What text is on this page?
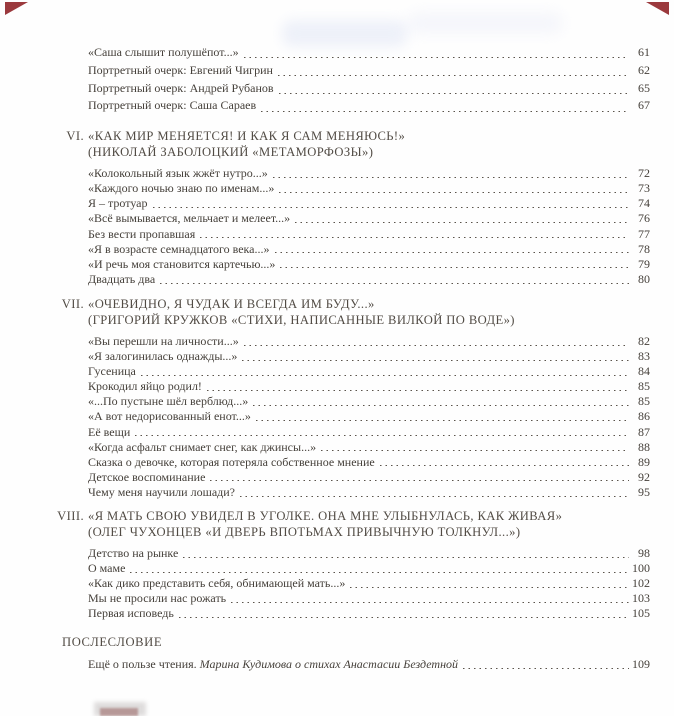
«Саша слышит полушёпот...»	61
Портретный очерк: Евгений Чигрин	62
Портретный очерк: Андрей Рубанов	65
Портретный очерк: Саша Сараев	67
VI. «КАК МИР МЕНЯЕТСЯ! И КАК Я САМ МЕНЯЮСЬ!»
(НИКОЛАЙ ЗАБОЛОЦКИЙ «МЕТАМОРФОЗЫ»)
«Колокольный язык жжёт нутро...»	72
«Каждого ночью знаю по именам...»	73
Я – тротуар	74
«Всё вымывается, мельчает и мелеет...»	76
Без вести пропавшая	77
«Я в возрасте семнадцатого века...»	78
«И речь моя становится картечью...»	79
Двадцать два	80
VII. «ОЧЕВИДНО, Я ЧУДАК И ВСЕГДА ИМ БУДУ...»
(ГРИГОРИЙ КРУЖКОВ «СТИХИ, НАПИСАННЫЕ ВИЛКОЙ ПО ВОДЕ»)
«Вы перешли на личности...»	82
«Я залогинилась однажды...»	83
Гусеница	84
Крокодил яйцо родил!	85
«...По пустыне шёл верблюд...»	85
«А вот недорисованный енот...»	86
Её вещи	87
«Когда асфальт снимает снег, как джинсы...»	88
Сказка о девочке, которая потеряла собственное мнение	89
Детское воспоминание	92
Чему меня научили лошади?	95
VIII. «Я МАТЬ СВОЮ УВИДЕЛ В УГОЛКЕ. ОНА МНЕ УЛЫБНУЛАСЬ, КАК ЖИВАЯ»
(ОЛЕГ ЧУХОНЦЕВ «И ДВЕРЬ ВПОТЬМАХ ПРИВЫЧНУЮ ТОЛКНУЛ...»)
Детство на рынке	98
О маме	100
«Как дико представить себя, обнимающей мать...»	102
Мы не просили нас рожать	103
Первая исповедь	105
ПОСЛЕСЛОВИЕ
Ещё о пользе чтения. Марина Кудимова о стихах Анастасии Бездетной	109
